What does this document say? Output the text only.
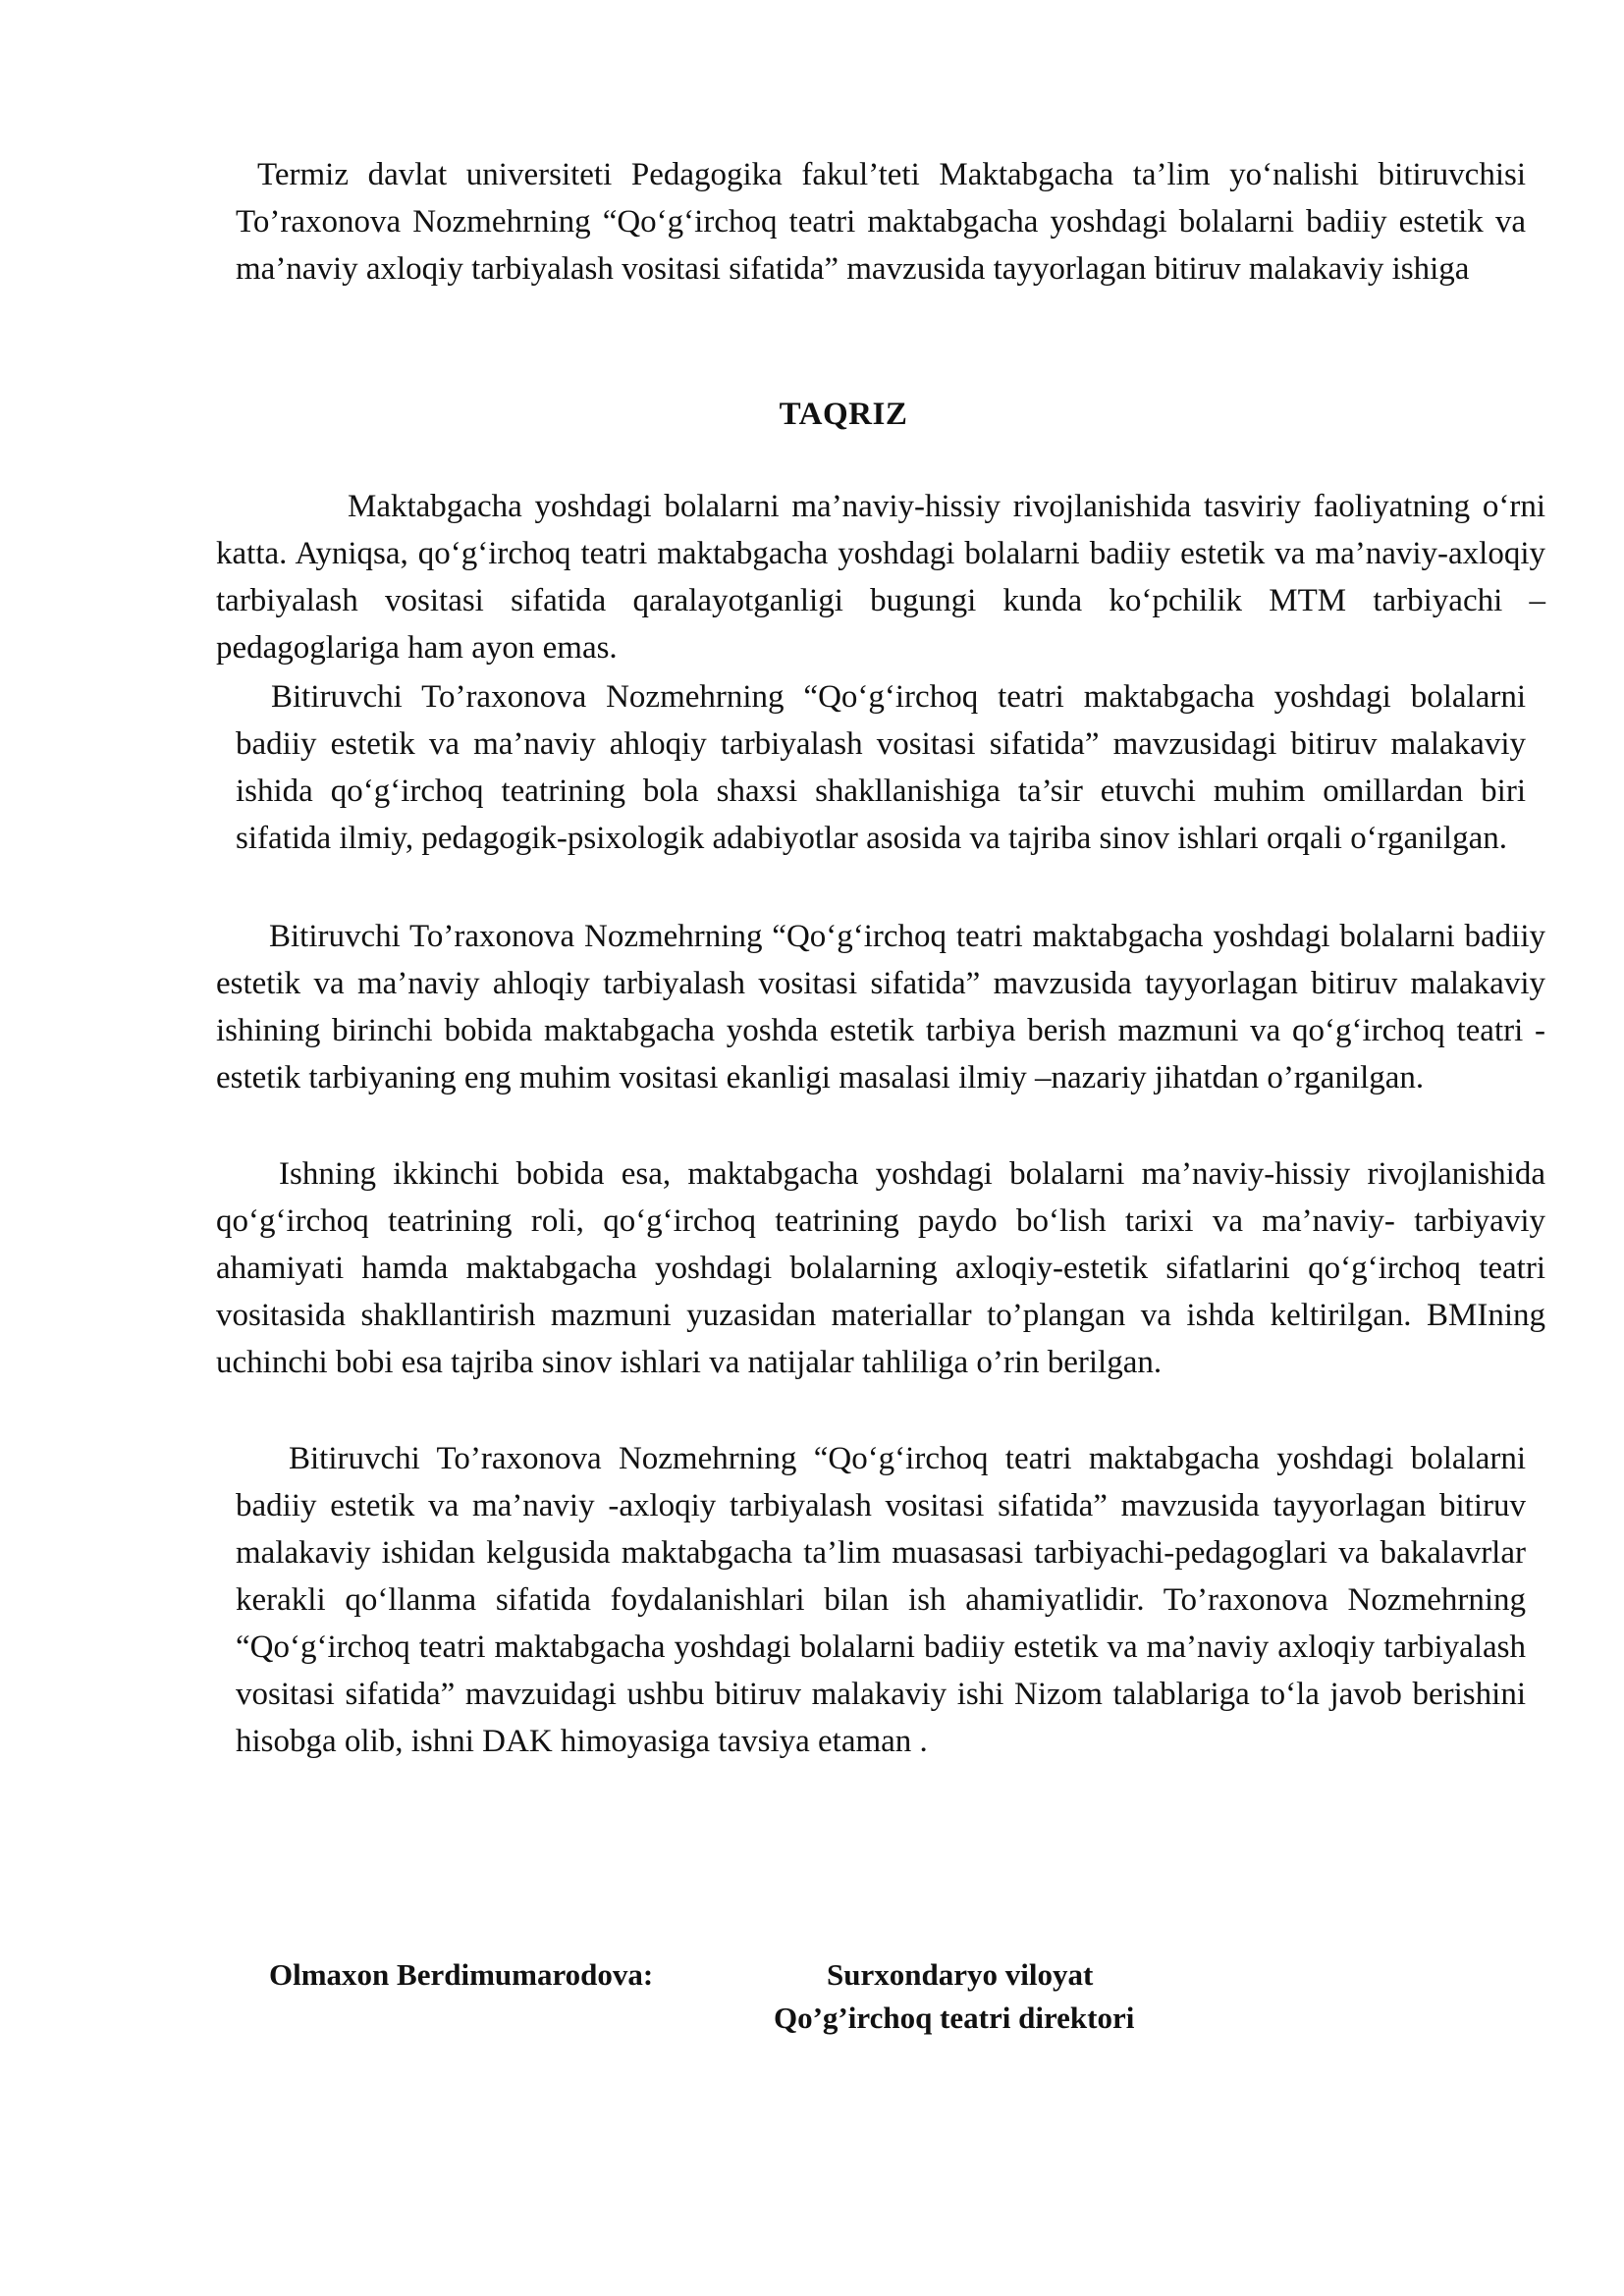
Termiz davlat universiteti Pedagogika fakul’teti Maktabgacha ta’lim yo‘nalishi bitiruvchisi To’raxonova Nozmehrning “Qo‘g‘irchoq teatri maktabgacha yoshdagi bolalarni badiiy estetik va ma’naviy axloqiy tarbiyalash vositasi sifatida” mavzusida tayyorlagan bitiruv malakaviy ishiga

TAQRIZ

Maktabgacha yoshdagi bolalarni ma’naviy-hissiy rivojlanishida tasviriy faoliyatning o‘rni katta. Ayniqsa, qo‘g‘irchoq teatri maktabgacha yoshdagi bolalarni badiiy estetik va ma’naviy-axloqiy tarbiyalash vositasi sifatida qaralayotganligi bugungi kunda ko‘pchilik MTM tarbiyachi –pedagoglariga ham ayon emas.

Bitiruvchi To’raxonova Nozmehrning “Qo‘g‘irchoq teatri maktabgacha yoshdagi bolalarni badiiy estetik va ma’naviy ahloqiy tarbiyalash vositasi sifatida” mavzusidagi bitiruv malakaviy ishida qo‘g‘irchoq teatrining bola shaxsi shakllanishiga ta’sir etuvchi muhim omillardan biri sifatida ilmiy, pedagogik-psixologik adabiyotlar asosida va tajriba sinov ishlari orqali o‘rganilgan.

Bitiruvchi To’raxonova Nozmehrning “Qo‘g‘irchoq teatri maktabgacha yoshdagi bolalarni badiiy estetik va ma’naviy ahloqiy tarbiyalash vositasi sifatida” mavzusida tayyorlagan bitiruv malakaviy ishining birinchi bobida maktabgacha yoshda estetik tarbiya berish mazmuni va qo‘g‘irchoq teatri - estetik tarbiyaning eng muhim vositasi ekanligi masalasi ilmiy –nazariy jihatdan o’rganilgan.

Ishning ikkinchi bobida esa, maktabgacha yoshdagi bolalarni ma’naviy-hissiy rivojlanishida qo‘g‘irchoq teatrining roli, qo‘g‘irchoq teatrining paydo bo‘lish tarixi va ma’naviy- tarbiyaviy ahamiyati hamda maktabgacha yoshdagi bolalarning axloqiy-estetik sifatlarini qo‘g‘irchoq teatri vositasida shakllantirish mazmuni yuzasidan materiallar to’plangan va ishda keltirilgan. BMIning uchinchi bobi esa tajriba sinov ishlari va natijalar tahliliga o’rin berilgan.

Bitiruvchi To’raxonova Nozmehrning “Qo‘g‘irchoq teatri maktabgacha yoshdagi bolalarni badiiy estetik va ma’naviy -axloqiy tarbiyalash vositasi sifatida” mavzusida tayyorlagan bitiruv malakaviy ishidan kelgusida maktabgacha ta’lim muasasasi tarbiyachi-pedagoglari va bakalavrlar kerakli qo‘llanma sifatida foydalanishlari bilan ish ahamiyatlidir. To’raxonova Nozmehrning “Qo‘g‘irchoq teatri maktabgacha yoshdagi bolalarni badiiy estetik va ma’naviy axloqiy tarbiyalash vositasi sifatida” mavzuidagi ushbu bitiruv malakaviy ishi Nizom talablariga to‘la javob berishini hisobga olib, ishni DAK himoyasiga tavsiya etaman .

Olmaxon Berdimumarodova:	Surxondaryo viloyat
Qo’g’irchoq teatri direktori
